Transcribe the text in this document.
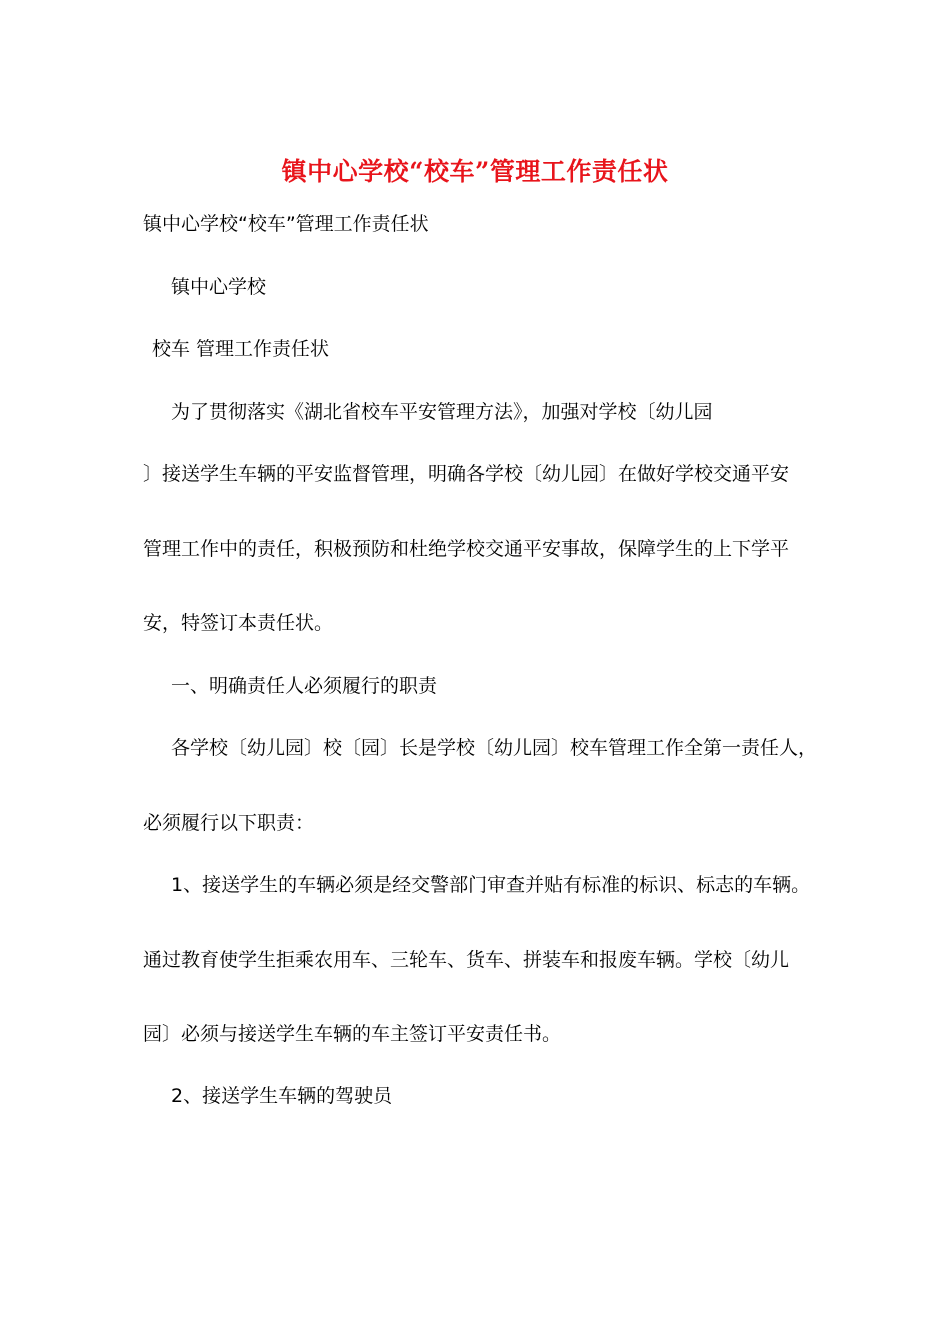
镇中心学校“校车”管理工作责任状
镇中心学校“校车”管理工作责任状
镇中心学校
校车 管理工作责任状
为了贯彻落实《湖北省校车平安管理方法》，加强对学校〔幼儿园
〕接送学生车辆的平安监督管理，明确各学校〔幼儿园〕在做好学校交通平安
管理工作中的责任，积极预防和杜绝学校交通平安事故，保障学生的上下学平
安，特签订本责任状。
一、明确责任人必须履行的职责
各学校〔幼儿园〕校〔园〕长是学校〔幼儿园〕校车管理工作全第一责任人，
必须履行以下职责：
1、接送学生的车辆必须是经交警部门审查并贴有标准的标识、标志的车辆。
通过教育使学生拒乘农用车、三轮车、货车、拼装车和报废车辆。学校〔幼儿
园〕必须与接送学生车辆的车主签订平安责任书。
2、接送学生车辆的驾驶员
